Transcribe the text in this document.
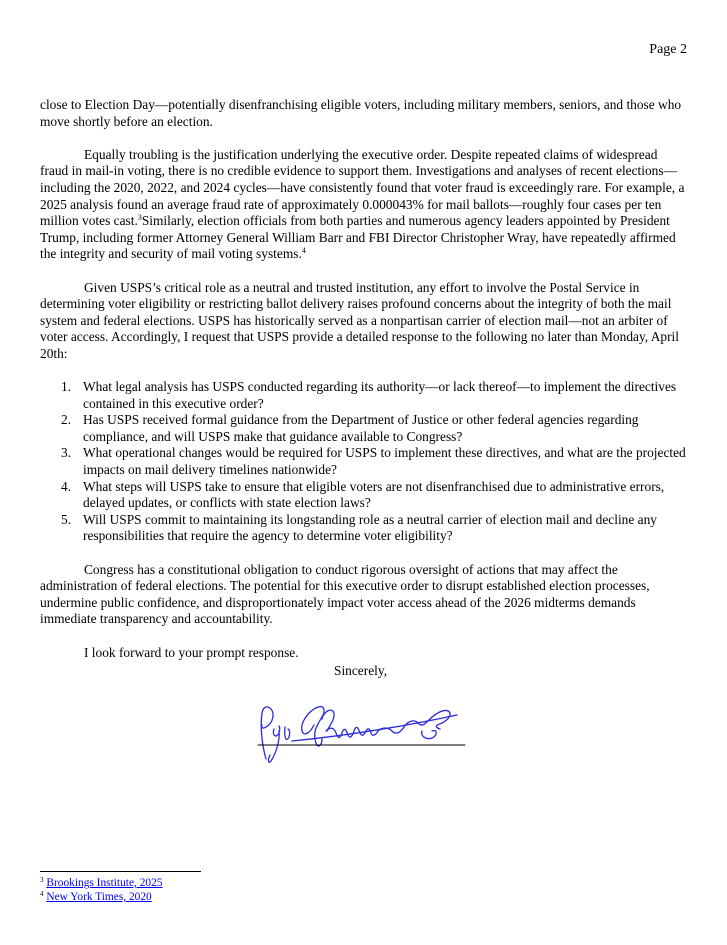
Page 2

close to Election Day—potentially disenfranchising eligible voters, including military members, seniors, and those who move shortly before an election.

Equally troubling is the justification underlying the executive order. Despite repeated claims of widespread fraud in mail-in voting, there is no credible evidence to support them. Investigations and analyses of recent elections—including the 2020, 2022, and 2024 cycles—have consistently found that voter fraud is exceedingly rare. For example, a 2025 analysis found an average fraud rate of approximately 0.000043% for mail ballots—roughly four cases per ten million votes cast.$^3$Similarly, election officials from both parties and numerous agency leaders appointed by President Trump, including former Attorney General William Barr and FBI Director Christopher Wray, have repeatedly affirmed the integrity and security of mail voting systems.$^4$

Given USPS’s critical role as a neutral and trusted institution, any effort to involve the Postal Service in determining voter eligibility or restricting ballot delivery raises profound concerns about the integrity of both the mail system and federal elections. USPS has historically served as a nonpartisan carrier of election mail—not an arbiter of voter access. Accordingly, I request that USPS provide a detailed response to the following no later than Monday, April 20th:

1. What legal analysis has USPS conducted regarding its authority—or lack thereof—to implement the directives contained in this executive order?
2. Has USPS received formal guidance from the Department of Justice or other federal agencies regarding compliance, and will USPS make that guidance available to Congress?
3. What operational changes would be required for USPS to implement these directives, and what are the projected impacts on mail delivery timelines nationwide?
4. What steps will USPS take to ensure that eligible voters are not disenfranchised due to administrative errors, delayed updates, or conflicts with state election laws?
5. Will USPS commit to maintaining its longstanding role as a neutral carrier of election mail and decline any responsibilities that require the agency to determine voter eligibility?

Congress has a constitutional obligation to conduct rigorous oversight of actions that may affect the administration of federal elections. The potential for this executive order to disrupt established election processes, undermine public confidence, and disproportionately impact voter access ahead of the 2026 midterms demands immediate transparency and accountability.

I look forward to your prompt response.

Sincerely,
$^3$ Brookings Institute, 2025
$^4$ New York Times, 2020
